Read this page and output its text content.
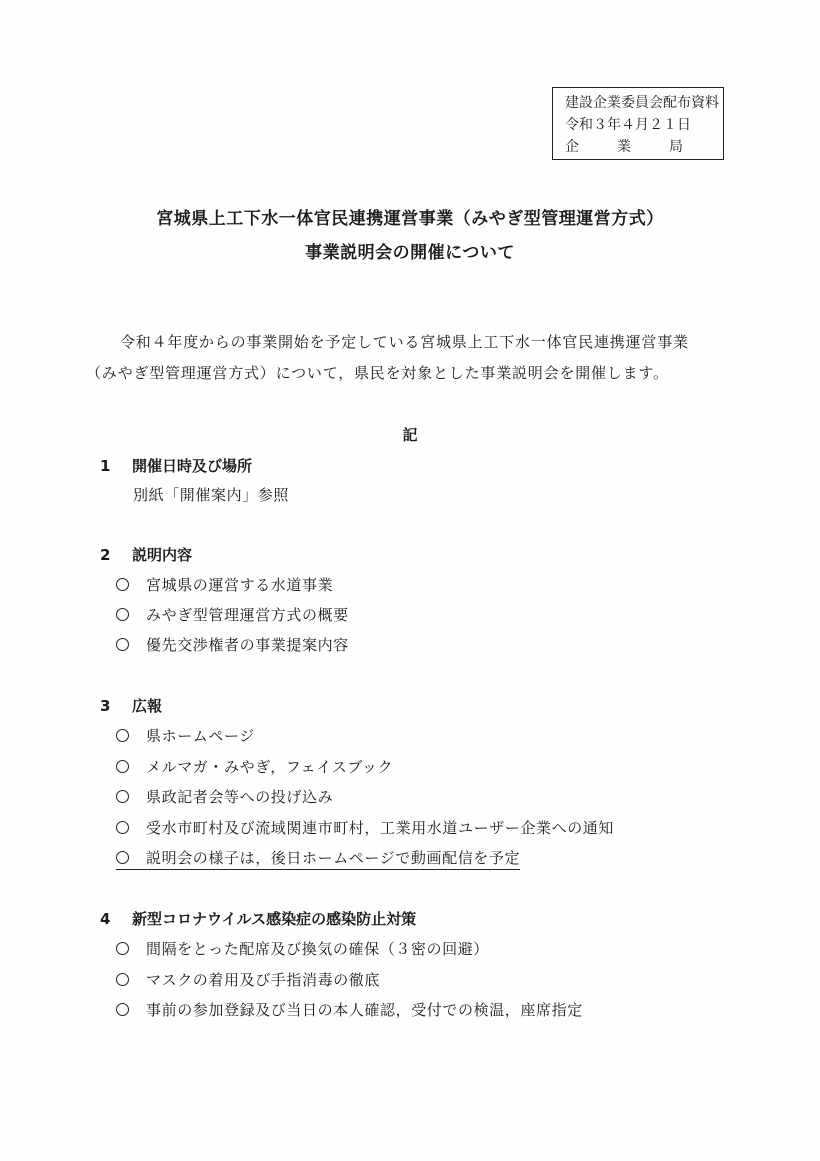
建設企業委員会配布資料
令和３年４月２１日
企業局
宮城県上工下水一体官民連携運営事業（みやぎ型管理運営方式）
事業説明会の開催について
令和４年度からの事業開始を予定している宮城県上工下水一体官民連携運営事業
（みやぎ型管理運営方式）について，県民を対象とした事業説明会を開催します。
記
1 開催日時及び場所
別紙「開催案内」参照
2 説明内容
宮城県の運営する水道事業
みやぎ型管理運営方式の概要
優先交渉権者の事業提案内容
3 広報
県ホームページ
メルマガ・みやぎ，フェイスブック
県政記者会等への投げ込み
受水市町村及び流域関連市町村，工業用水道ユーザー企業への通知
説明会の様子は，後日ホームページで動画配信を予定
4 新型コロナウイルス感染症の感染防止対策
間隔をとった配席及び換気の確保（３密の回避）
マスクの着用及び手指消毒の徹底
事前の参加登録及び当日の本人確認，受付での検温，座席指定
